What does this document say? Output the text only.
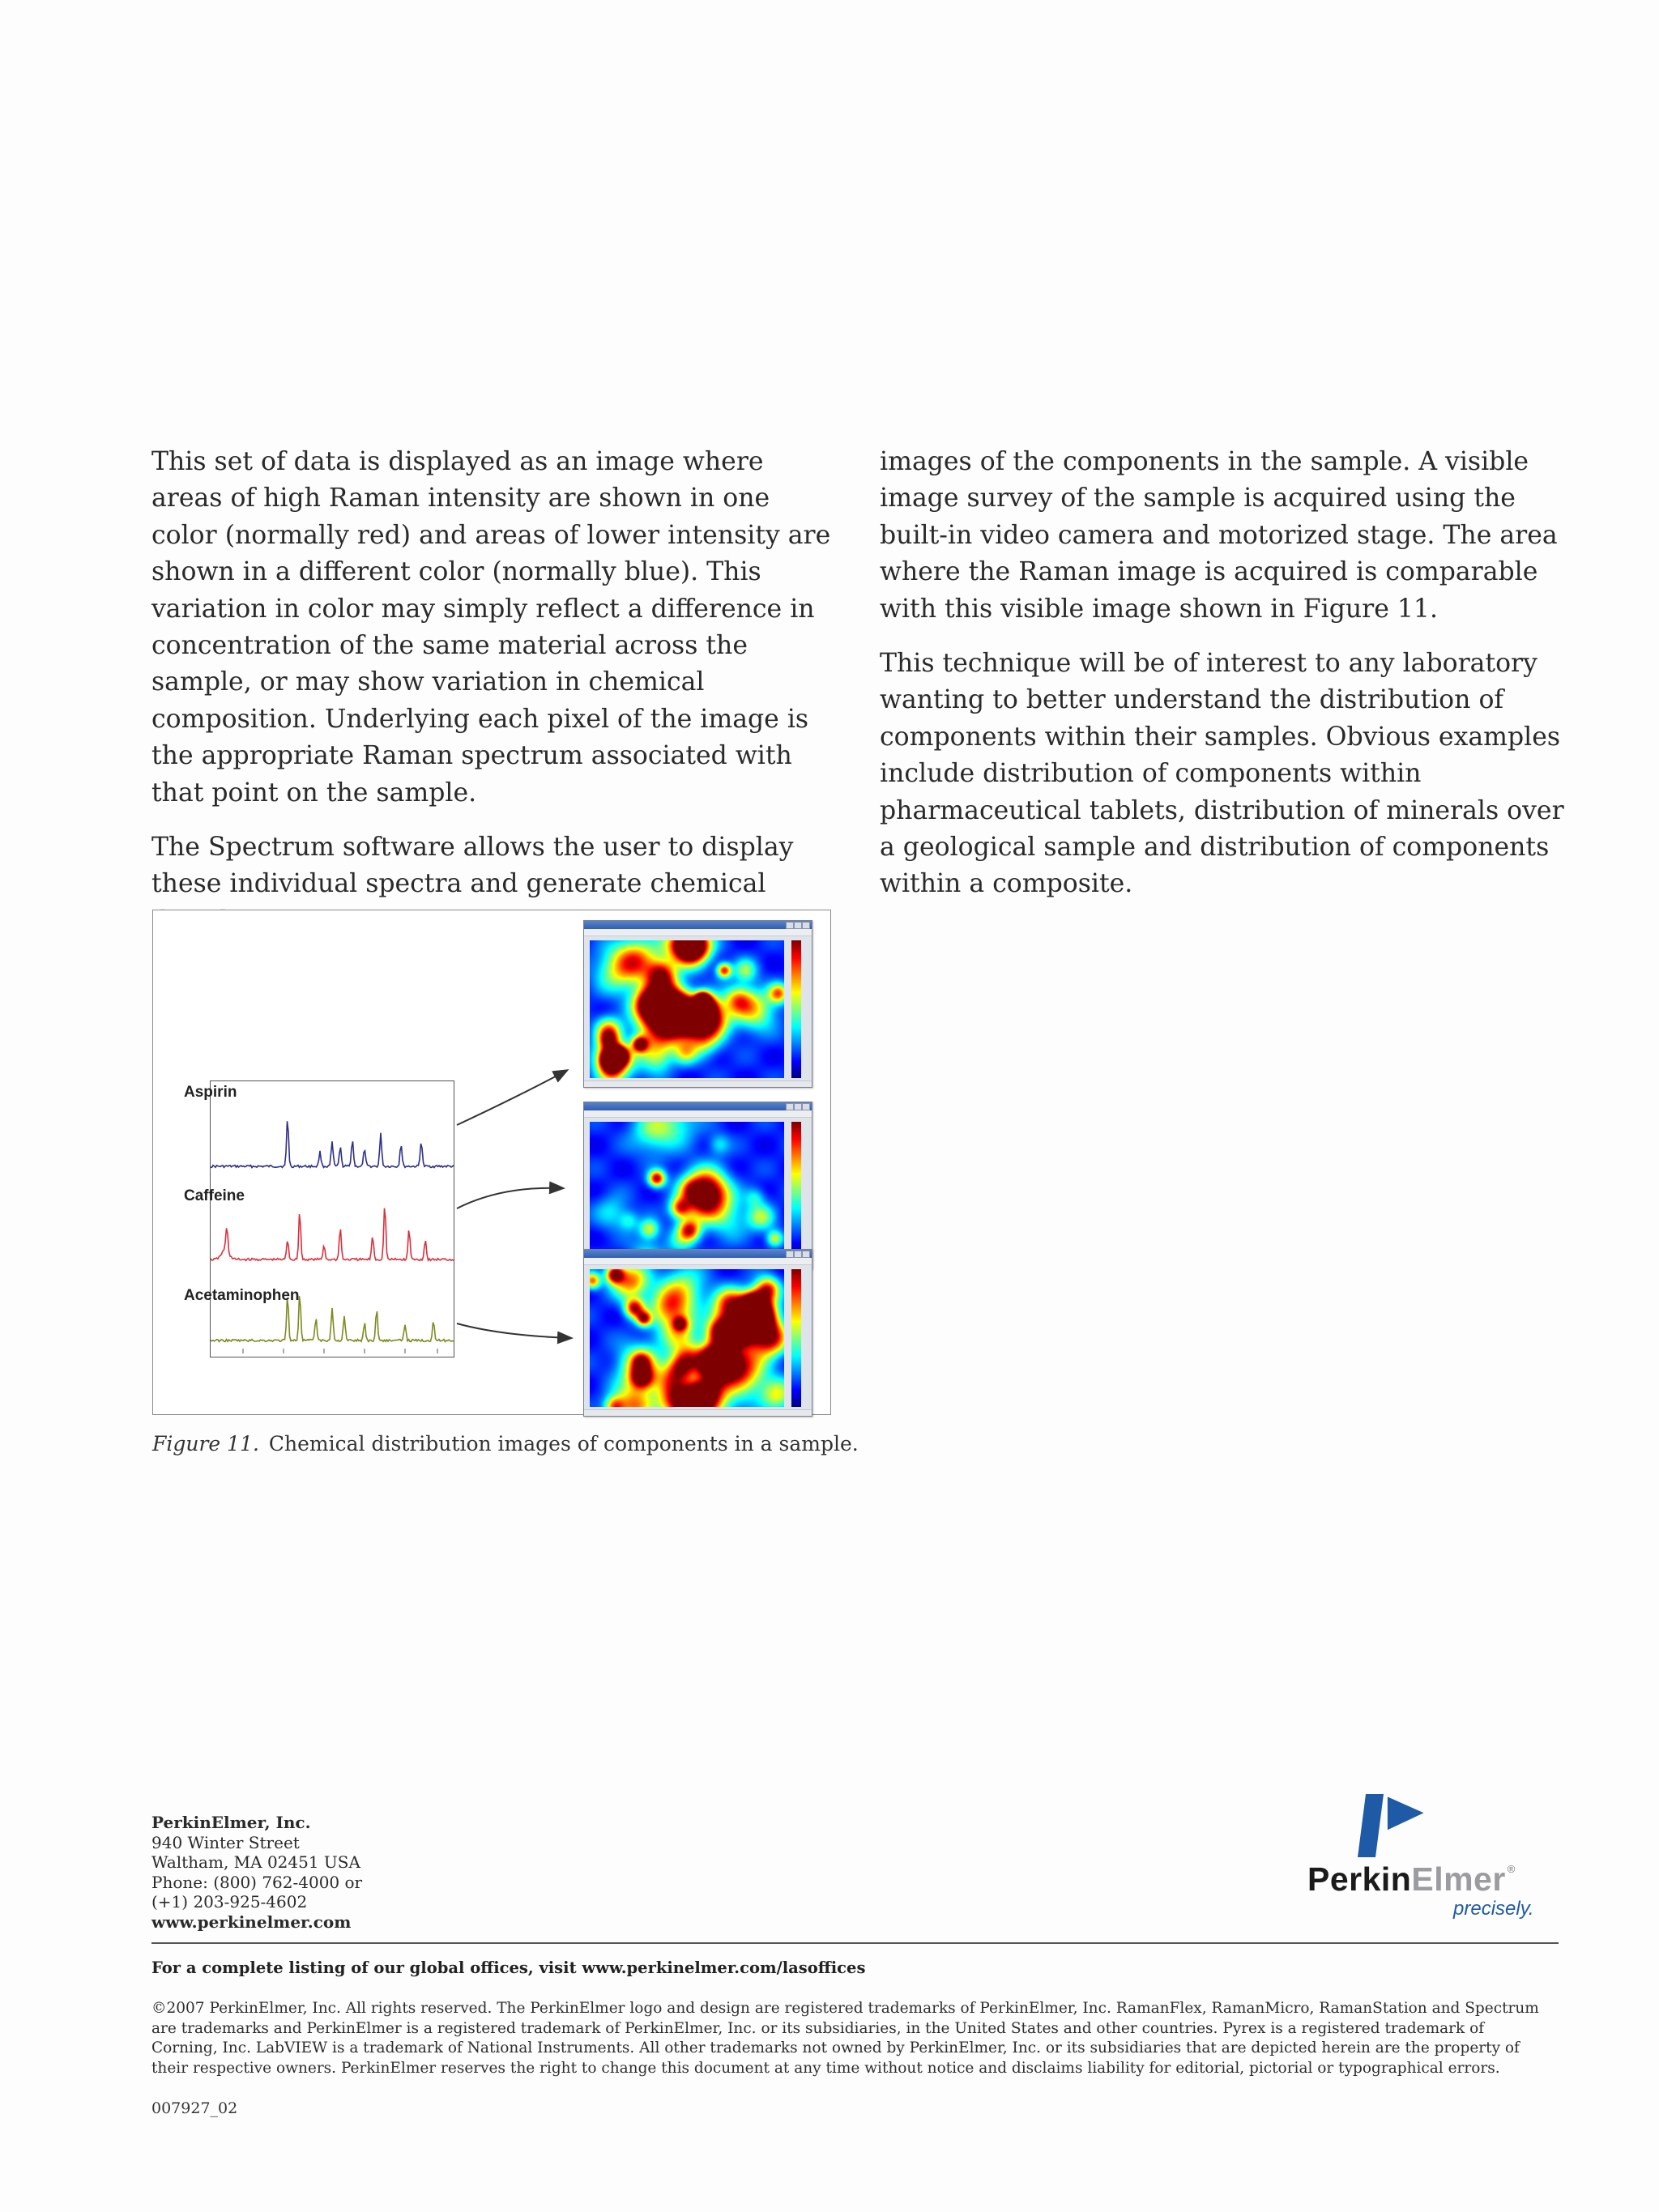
This set of data is displayed as an image where areas of high Raman intensity are shown in one color (normally red) and areas of lower intensity are shown in a different color (normally blue). This variation in color may simply reflect a difference in concentration of the same material across the sample, or may show variation in chemical composition. Underlying each pixel of the image is the appropriate Raman spectrum associated with that point on the sample.

The Spectrum software allows the user to display these individual spectra and generate chemical

images of the components in the sample. A visible image survey of the sample is acquired using the built-in video camera and motorized stage. The area where the Raman image is acquired is comparable with this visible image shown in Figure 11.

This technique will be of interest to any laboratory wanting to better understand the distribution of components within their samples. Obvious examples include distribution of components within pharmaceutical tablets, distribution of minerals over a geological sample and distribution of components within a composite.

Aspirin
Caffeine
Acetaminophen
Figure 11. Chemical distribution images of components in a sample.
PerkinElmer, Inc.
940 Winter Street
Waltham, MA 02451 USA
Phone: (800) 762-4000 or
(+1) 203-925-4602
www.perkinelmer.com
PerkinElmer ®
precisely.
For a complete listing of our global offices, visit www.perkinelmer.com/lasoffices

©2007 PerkinElmer, Inc. All rights reserved. The PerkinElmer logo and design are registered trademarks of PerkinElmer, Inc. RamanFlex, RamanMicro, RamanStation and Spectrum are trademarks and PerkinElmer is a registered trademark of PerkinElmer, Inc. or its subsidiaries, in the United States and other countries. Pyrex is a registered trademark of Corning, Inc. LabVIEW is a trademark of National Instruments. All other trademarks not owned by PerkinElmer, Inc. or its subsidiaries that are depicted herein are the property of their respective owners. PerkinElmer reserves the right to change this document at any time without notice and disclaims liability for editorial, pictorial or typographical errors.

007927_02
